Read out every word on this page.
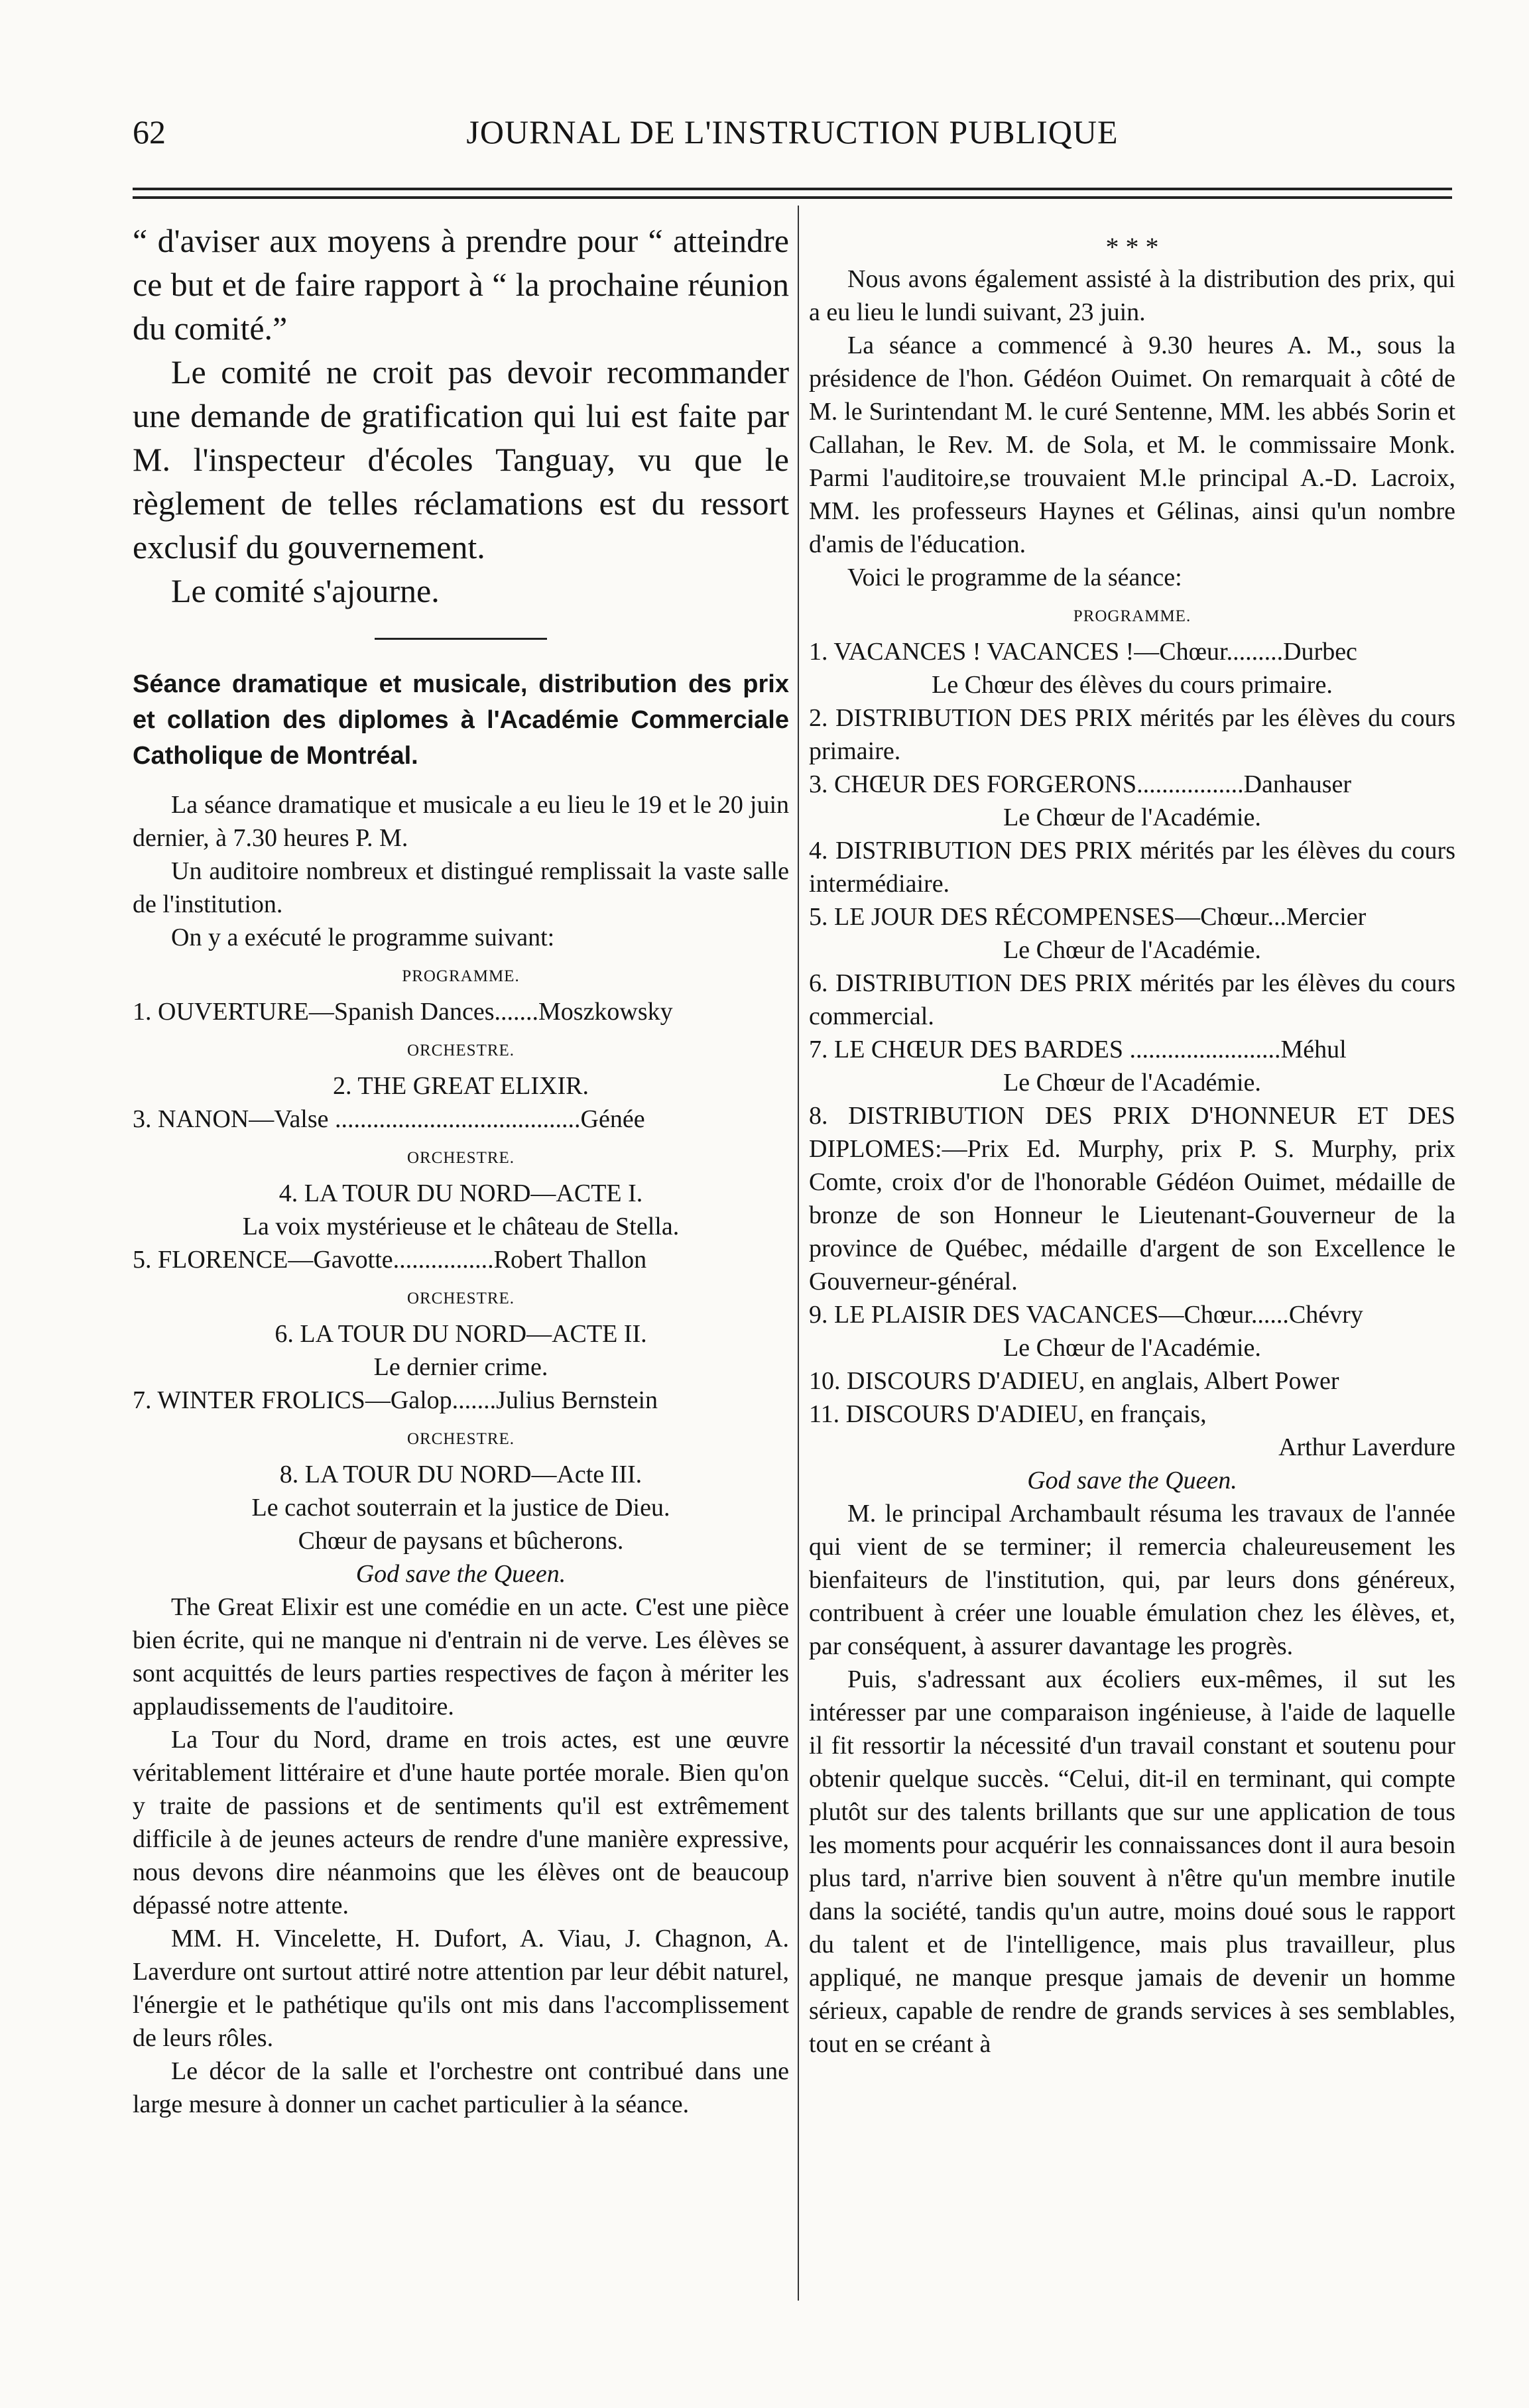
62	JOURNAL DE L'INSTRUCTION PUBLIQUE

“ d'aviser aux moyens à prendre pour “ atteindre ce but et de faire rapport à “ la prochaine réunion du comité.”

Le comité ne croit pas devoir recommander une demande de gratification qui lui est faite par M. l'inspecteur d'écoles Tanguay, vu que le règlement de telles réclamations est du ressort exclusif du gouvernement.

Le comité s'ajourne.

Séance dramatique et musicale, distribution des prix et collation des diplomes à l'Académie Commerciale Catholique de Montréal.

La séance dramatique et musicale a eu lieu le 19 et le 20 juin dernier, à 7.30 heures P. M.

Un auditoire nombreux et distingué remplissait la vaste salle de l'institution.

On y a exécuté le programme suivant:

PROGRAMME.

1. OUVERTURE—Spanish Dances.......Moszkowsky

ORCHESTRE.

2. THE GREAT ELIXIR.

3. NANON—Valse .......................................Génée

ORCHESTRE.

4. LA TOUR DU NORD—ACTE I.

La voix mystérieuse et le château de Stella.

5. FLORENCE—Gavotte................Robert Thallon

ORCHESTRE.

6. LA TOUR DU NORD—ACTE II.

Le dernier crime.

7. WINTER FROLICS—Galop.......Julius Bernstein

ORCHESTRE.

8. LA TOUR DU NORD—Acte III.

Le cachot souterrain et la justice de Dieu.

Chœur de paysans et bûcherons.

God save the Queen.

The Great Elixir est une comédie en un acte. C'est une pièce bien écrite, qui ne manque ni d'entrain ni de verve. Les élèves se sont acquittés de leurs parties respectives de façon à mériter les applaudissements de l'auditoire.

La Tour du Nord, drame en trois actes, est une œuvre véritablement littéraire et d'une haute portée morale. Bien qu'on y traite de passions et de sentiments qu'il est extrêmement difficile à de jeunes acteurs de rendre d'une manière expressive, nous devons dire néanmoins que les élèves ont de beaucoup dépassé notre attente.

MM. H. Vincelette, H. Dufort, A. Viau, J. Chagnon, A. Laverdure ont surtout attiré notre attention par leur débit naturel, l'énergie et le pathétique qu'ils ont mis dans l'accomplissement de leurs rôles.

Le décor de la salle et l'orchestre ont contribué dans une large mesure à donner un cachet particulier à la séance.

* * *

Nous avons également assisté à la distribution des prix, qui a eu lieu le lundi suivant, 23 juin.

La séance a commencé à 9.30 heures A. M., sous la présidence de l'hon. Gédéon Ouimet. On remarquait à côté de M. le Surintendant M. le curé Sentenne, MM. les abbés Sorin et Callahan, le Rev. M. de Sola, et M. le commissaire Monk. Parmi l'auditoire,se trouvaient M.le principal A.-D. Lacroix, MM. les professeurs Haynes et Gélinas, ainsi qu'un nombre d'amis de l'éducation.

Voici le programme de la séance:

PROGRAMME.

1. VACANCES ! VACANCES !—Chœur.........Durbec

Le Chœur des élèves du cours primaire.

2. DISTRIBUTION DES PRIX mérités par les élèves du cours primaire.

3. CHŒUR DES FORGERONS.................Danhauser

Le Chœur de l'Académie.

4. DISTRIBUTION DES PRIX mérités par les élèves du cours intermédiaire.

5. LE JOUR DES RÉCOMPENSES—Chœur...Mercier

Le Chœur de l'Académie.

6. DISTRIBUTION DES PRIX mérités par les élèves du cours commercial.

7. LE CHŒUR DES BARDES ........................Méhul

Le Chœur de l'Académie.

8. DISTRIBUTION DES PRIX D'HONNEUR ET DES DIPLOMES:—Prix Ed. Murphy, prix P. S. Murphy, prix Comte, croix d'or de l'honorable Gédéon Ouimet, médaille de bronze de son Honneur le Lieutenant-Gouverneur de la province de Québec, médaille d'argent de son Excellence le Gouverneur-général.

9. LE PLAISIR DES VACANCES—Chœur......Chévry

Le Chœur de l'Académie.

10. DISCOURS D'ADIEU, en anglais, Albert Power

11. DISCOURS D'ADIEU, en français,

Arthur Laverdure

God save the Queen.

M. le principal Archambault résuma les travaux de l'année qui vient de se terminer; il remercia chaleureusement les bienfaiteurs de l'institution, qui, par leurs dons généreux, contribuent à créer une louable émulation chez les élèves, et, par conséquent, à assurer davantage les progrès.

Puis, s'adressant aux écoliers eux-mêmes, il sut les intéresser par une comparaison ingénieuse, à l'aide de laquelle il fit ressortir la nécessité d'un travail constant et soutenu pour obtenir quelque succès. “Celui, dit-il en terminant, qui compte plutôt sur des talents brillants que sur une application de tous les moments pour acquérir les connaissances dont il aura besoin plus tard, n'arrive bien souvent à n'être qu'un membre inutile dans la société, tandis qu'un autre, moins doué sous le rapport du talent et de l'intelligence, mais plus travailleur, plus appliqué, ne manque presque jamais de devenir un homme sérieux, capable de rendre de grands services à ses semblables, tout en se créant à
